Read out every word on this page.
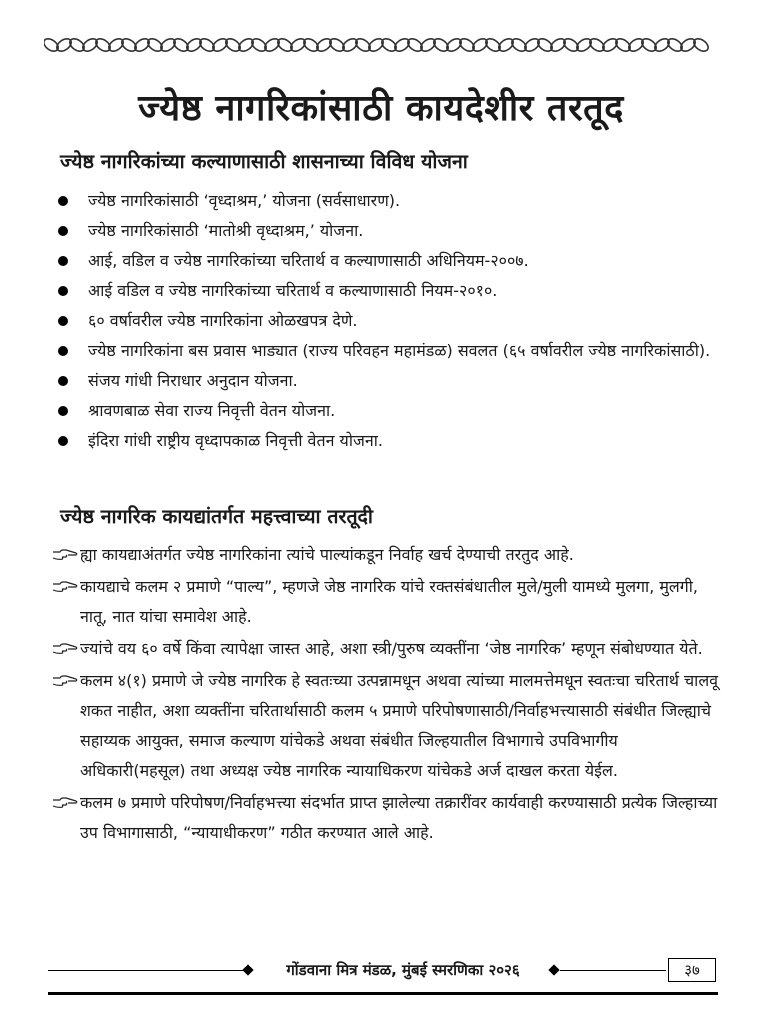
ज्येष्ठ नागरिकांसाठी कायदेशीर तरतूद
ज्येष्ठ नागरिकांच्या कल्याणासाठी शासनाच्या विविध योजना
ज्येष्ठ नागरिकांसाठी ‘वृध्दाश्रम,’ योजना (सर्वसाधारण).
ज्येष्ठ नागरिकांसाठी ‘मातोश्री वृध्दाश्रम,’ योजना.
आई, वडिल व ज्येष्ठ नागरिकांच्या चरितार्थ व कल्याणासाठी अधिनियम-२००७.
आई वडिल व ज्येष्ठ नागरिकांच्या चरितार्थ व कल्याणासाठी नियम-२०१०.
६० वर्षावरील ज्येष्ठ नागरिकांना ओळखपत्र देणे.
ज्येष्ठ नागरिकांना बस प्रवास भाड्यात (राज्य परिवहन महामंडळ) सवलत (६५ वर्षावरील ज्येष्ठ नागरिकांसाठी).
संजय गांधी निराधार अनुदान योजना.
श्रावणबाळ सेवा राज्य निवृत्ती वेतन योजना.
इंदिरा गांधी राष्ट्रीय वृध्दापकाळ निवृत्ती वेतन योजना.
ज्येष्ठ नागरिक कायद्यांतर्गत महत्त्वाच्या तरतूदी
ह्या कायद्याअंतर्गत ज्येष्ठ नागरिकांना त्यांचे पाल्यांकडून निर्वाह खर्च देण्याची तरतुद आहे.
कायद्याचे कलम २ प्रमाणे “पाल्य”, म्हणजे जेष्ठ नागरिक यांचे रक्तसंबंधातील मुले/मुली यामध्ये मुलगा, मुलगी, नातू, नात यांचा समावेश आहे.
ज्यांचे वय ६० वर्षे किंवा त्यापेक्षा जास्त आहे, अशा स्त्री/पुरुष व्यक्तींना ‘जेष्ठ नागरिक’ म्हणून संबोधण्यात येते.
कलम ४(१) प्रमाणे जे ज्येष्ठ नागरिक हे स्वतःच्या उत्पन्नामधून अथवा त्यांच्या मालमत्तेमधून स्वतःचा चरितार्थ चालवू शकत नाहीत, अशा व्यक्तींना चरितार्थासाठी कलम ५ प्रमाणे परिपोषणासाठी/निर्वाहभत्त्यासाठी संबंधीत जिल्ह्याचे सहाय्यक आयुक्त, समाज कल्याण यांचेकडे अथवा संबंधीत जिल्हयातील विभागाचे उपविभागीय अधिकारी(महसूल) तथा अध्यक्ष ज्येष्ठ नागरिक न्यायाधिकरण यांचेकडे अर्ज दाखल करता येईल.
कलम ७ प्रमाणे परिपोषण/निर्वाहभत्त्या संदर्भात प्राप्त झालेल्या तक्रारींवर कार्यवाही करण्यासाठी प्रत्येक जिल्हाच्या उप विभागासाठी, “न्यायाधीकरण” गठीत करण्यात आले आहे.
गोंडवाना मित्र मंडळ, मुंबई स्मरणिका २०२६	३७
